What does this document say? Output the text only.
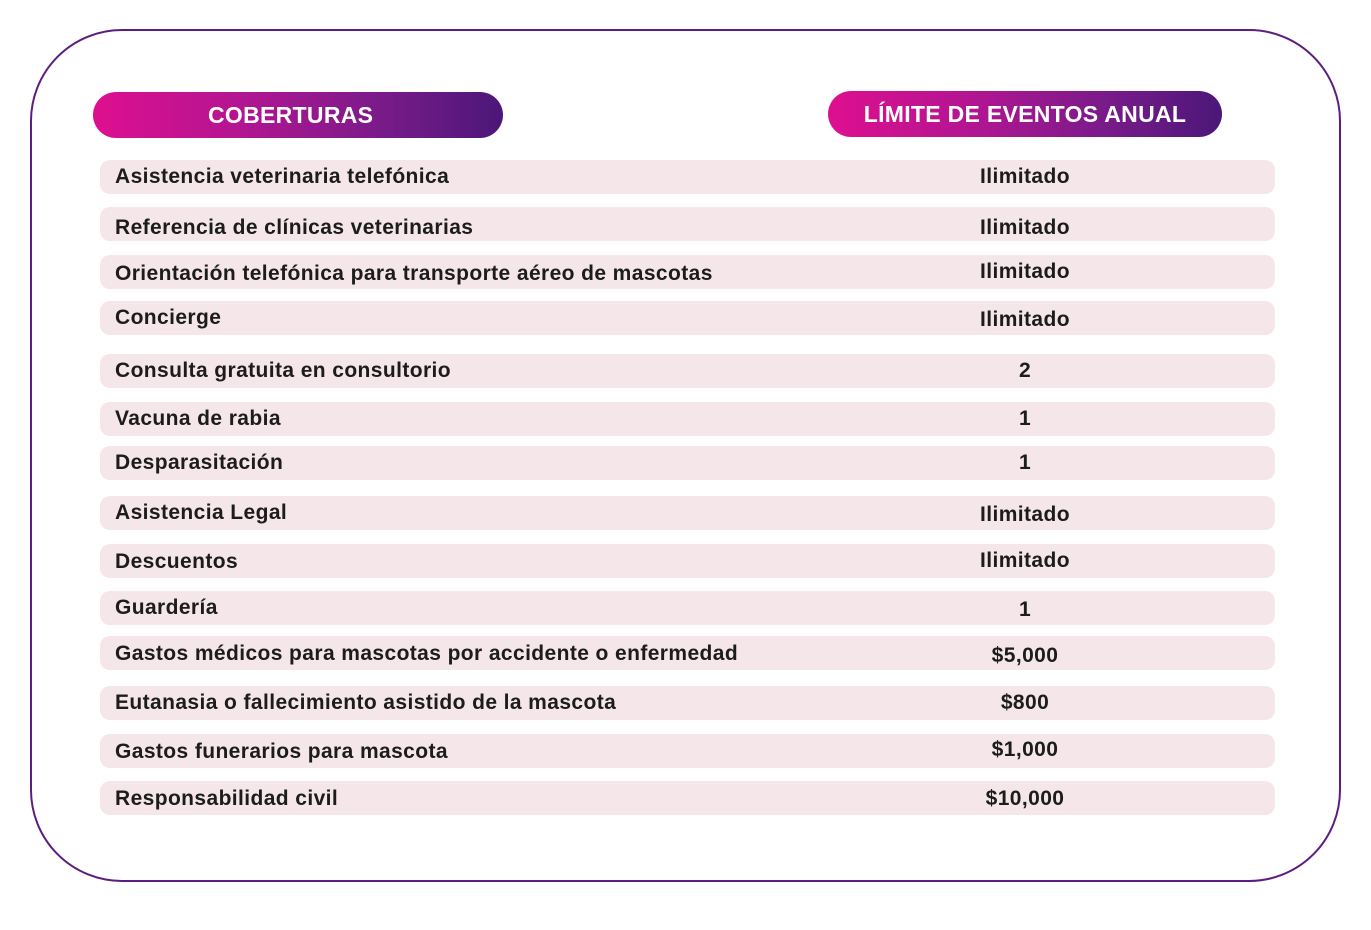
COBERTURAS	LÍMITE DE EVENTOS ANUAL
Asistencia veterinaria telefónica	Ilimitado
Referencia de clínicas veterinarias	Ilimitado
Orientación telefónica para transporte aéreo de mascotas	Ilimitado
Concierge	Ilimitado
Consulta gratuita en consultorio	2
Vacuna de rabia	1
Desparasitación	1
Asistencia Legal	Ilimitado
Descuentos	Ilimitado
Guardería	1
Gastos médicos para mascotas por accidente o enfermedad	$5,000
Eutanasia o fallecimiento asistido de la mascota	$800
Gastos funerarios para mascota	$1,000
Responsabilidad civil	$10,000
